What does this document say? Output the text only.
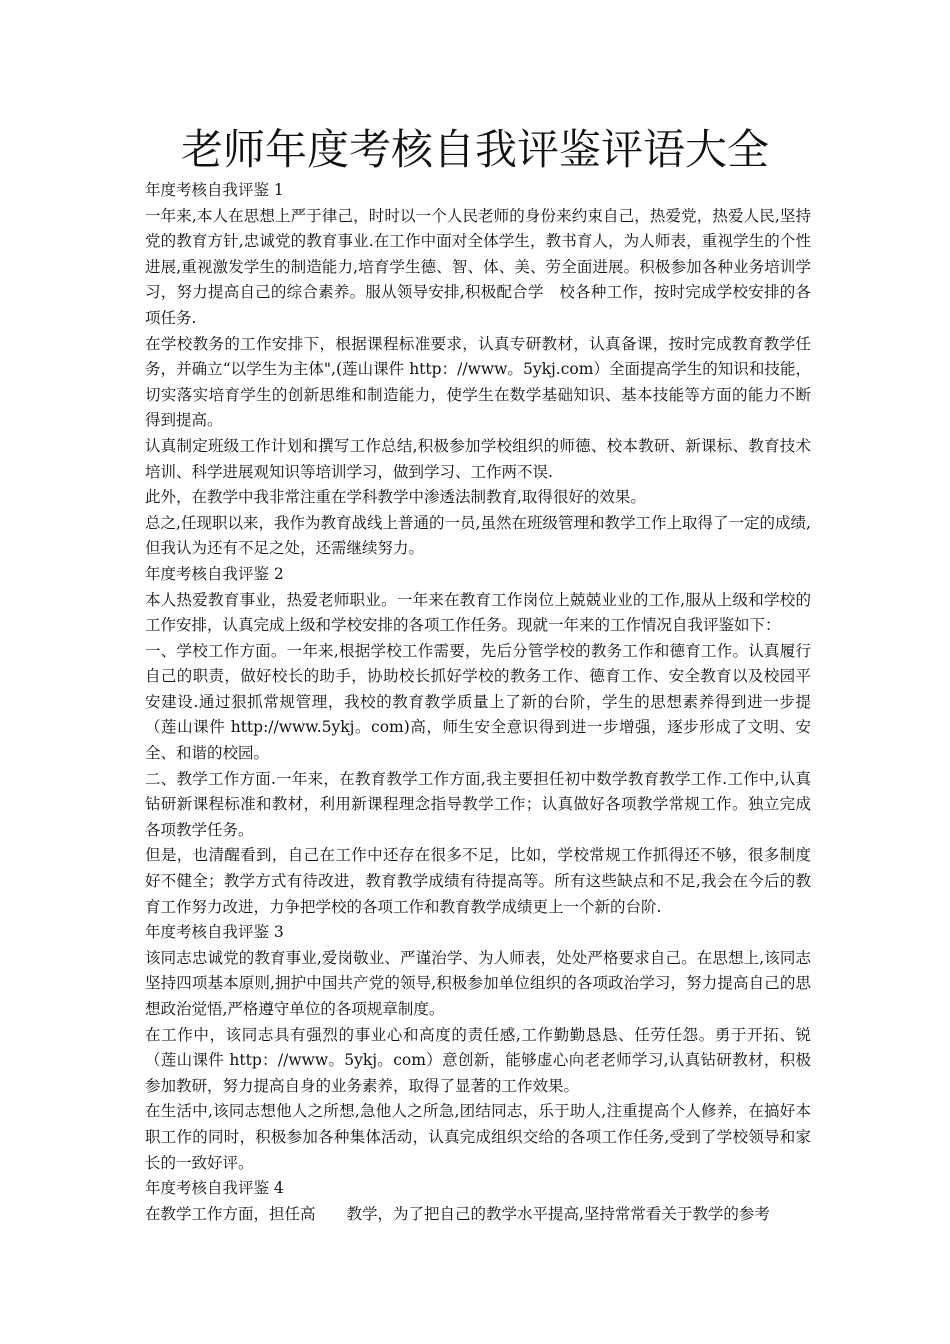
老师年度考核自我评鉴评语大全

年度考核自我评鉴 1

一年来,本人在思想上严于律己，时时以一个人民老师的身份来约束自己，热爱党，热爱人民,坚持党的教育方针,忠诚党的教育事业.在工作中面对全体学生，教书育人，为人师表，重视学生的个性进展,重视激发学生的制造能力,培育学生德、智、体、美、劳全面进展。积极参加各种业务培训学习，努力提高自己的综合素养。服从领导安排,积极配合学　校各种工作，按时完成学校安排的各项任务.

在学校教务的工作安排下，根据课程标准要求，认真专研教材，认真备课，按时完成教育教学任务，并确立“以学生为主体",(莲山课件 http：//www。5ykj.com）全面提高学生的知识和技能，切实落实培育学生的创新思维和制造能力，使学生在数学基础知识、基本技能等方面的能力不断得到提高。

认真制定班级工作计划和撰写工作总结,积极参加学校组织的师德、校本教研、新课标、教育技术培训、科学进展观知识等培训学习，做到学习、工作两不误.

此外，在教学中我非常注重在学科教学中渗透法制教育,取得很好的效果。

总之,任现职以来，我作为教育战线上普通的一员,虽然在班级管理和教学工作上取得了一定的成绩,但我认为还有不足之处，还需继续努力。

年度考核自我评鉴 2

本人热爱教育事业，热爱老师职业。一年来在教育工作岗位上兢兢业业的工作,服从上级和学校的工作安排，认真完成上级和学校安排的各项工作任务。现就一年来的工作情况自我评鉴如下：

一、学校工作方面。一年来,根据学校工作需要，先后分管学校的教务工作和德育工作。认真履行自己的职责，做好校长的助手，协助校长抓好学校的教务工作、德育工作、安全教育以及校园平安建设.通过狠抓常规管理，我校的教育教学质量上了新的台阶，学生的思想素养得到进一步提（莲山课件 http://www.5ykj。com)高，师生安全意识得到进一步增强，逐步形成了文明、安全、和谐的校园。

二、教学工作方面.一年来，在教育教学工作方面,我主要担任初中数学教育教学工作.工作中,认真钻研新课程标准和教材，利用新课程理念指导教学工作；认真做好各项教学常规工作。独立完成各项教学任务。

但是，也清醒看到，自己在工作中还存在很多不足，比如，学校常规工作抓得还不够，很多制度好不健全；教学方式有待改进，教育教学成绩有待提高等。所有这些缺点和不足,我会在今后的教育工作努力改进，力争把学校的各项工作和教育教学成绩更上一个新的台阶.

年度考核自我评鉴 3

该同志忠诚党的教育事业,爱岗敬业、严谨治学、为人师表，处处严格要求自己。在思想上,该同志坚持四项基本原则,拥护中国共产党的领导,积极参加单位组织的各项政治学习，努力提高自己的思想政治觉悟,严格遵守单位的各项规章制度。

在工作中，该同志具有强烈的事业心和高度的责任感,工作勤勤恳恳、任劳任怨。勇于开拓、锐（莲山课件 http：//www。5ykj。com）意创新，能够虚心向老老师学习,认真钻研教材，积极参加教研，努力提高自身的业务素养，取得了显著的工作效果。

在生活中,该同志想他人之所想,急他人之所急,团结同志，乐于助人,注重提高个人修养，在搞好本职工作的同时，积极参加各种集体活动，认真完成组织交给的各项工作任务,受到了学校领导和家长的一致好评。

年度考核自我评鉴 4

在教学工作方面，担任高　　教学，为了把自己的教学水平提高,坚持常常看关于教学的参考
